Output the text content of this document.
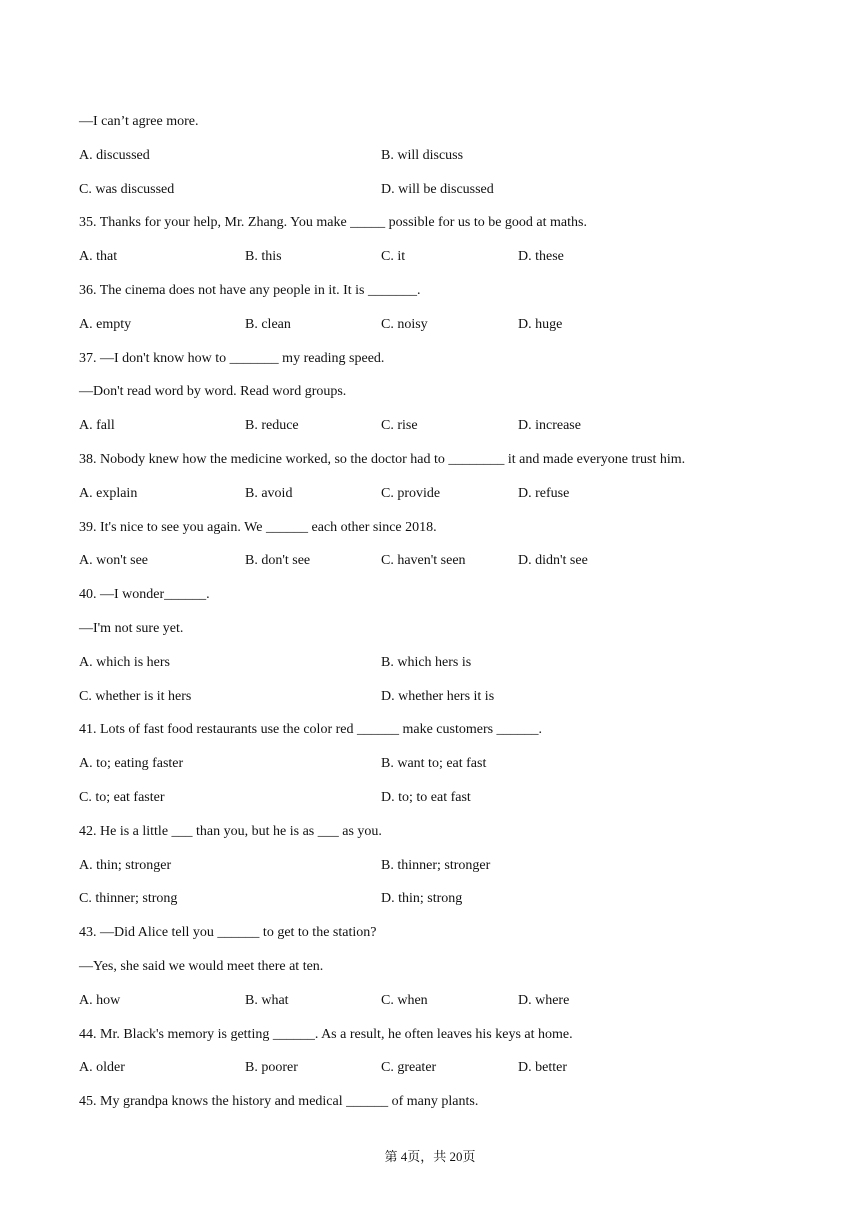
第 4页，共 20页
—I can’t agree more.
A. discussed	B. will discuss
C. was discussed	D. will be discussed
35. Thanks for your help, Mr. Zhang. You make _____ possible for us to be good at maths.
A. that	B. this	C. it	D. these
36. The cinema does not have any people in it. It is _______.
A. empty	B. clean	C. noisy	D. huge
37. —I don't know how to _______ my reading speed.
—Don't read word by word. Read word groups.
A. fall	B. reduce	C. rise	D. increase
38. Nobody knew how the medicine worked, so the doctor had to ________ it and made everyone trust him.
A. explain	B. avoid	C. provide	D. refuse
39. It's nice to see you again. We ______ each other since 2018.
A. won't see	B. don't see	C. haven't seen	D. didn't see
40. —I wonder______.
—I'm not sure yet.
A. which is hers	B. which hers is
C. whether is it hers	D. whether hers it is
41. Lots of fast food restaurants use the color red ______ make customers ______.
A. to; eating faster	B. want to; eat fast
C. to; eat faster	D. to; to eat fast
42. He is a little ___ than you, but he is as ___ as you.
A. thin; stronger	B. thinner; stronger
C. thinner; strong	D. thin; strong
43. —Did Alice tell you ______ to get to the station?
—Yes, she said we would meet there at ten.
A. how	B. what	C. when	D. where
44. Mr. Black's memory is getting ______. As a result, he often leaves his keys at home.
A. older	B. poorer	C. greater	D. better
45. My grandpa knows the history and medical ______ of many plants.
